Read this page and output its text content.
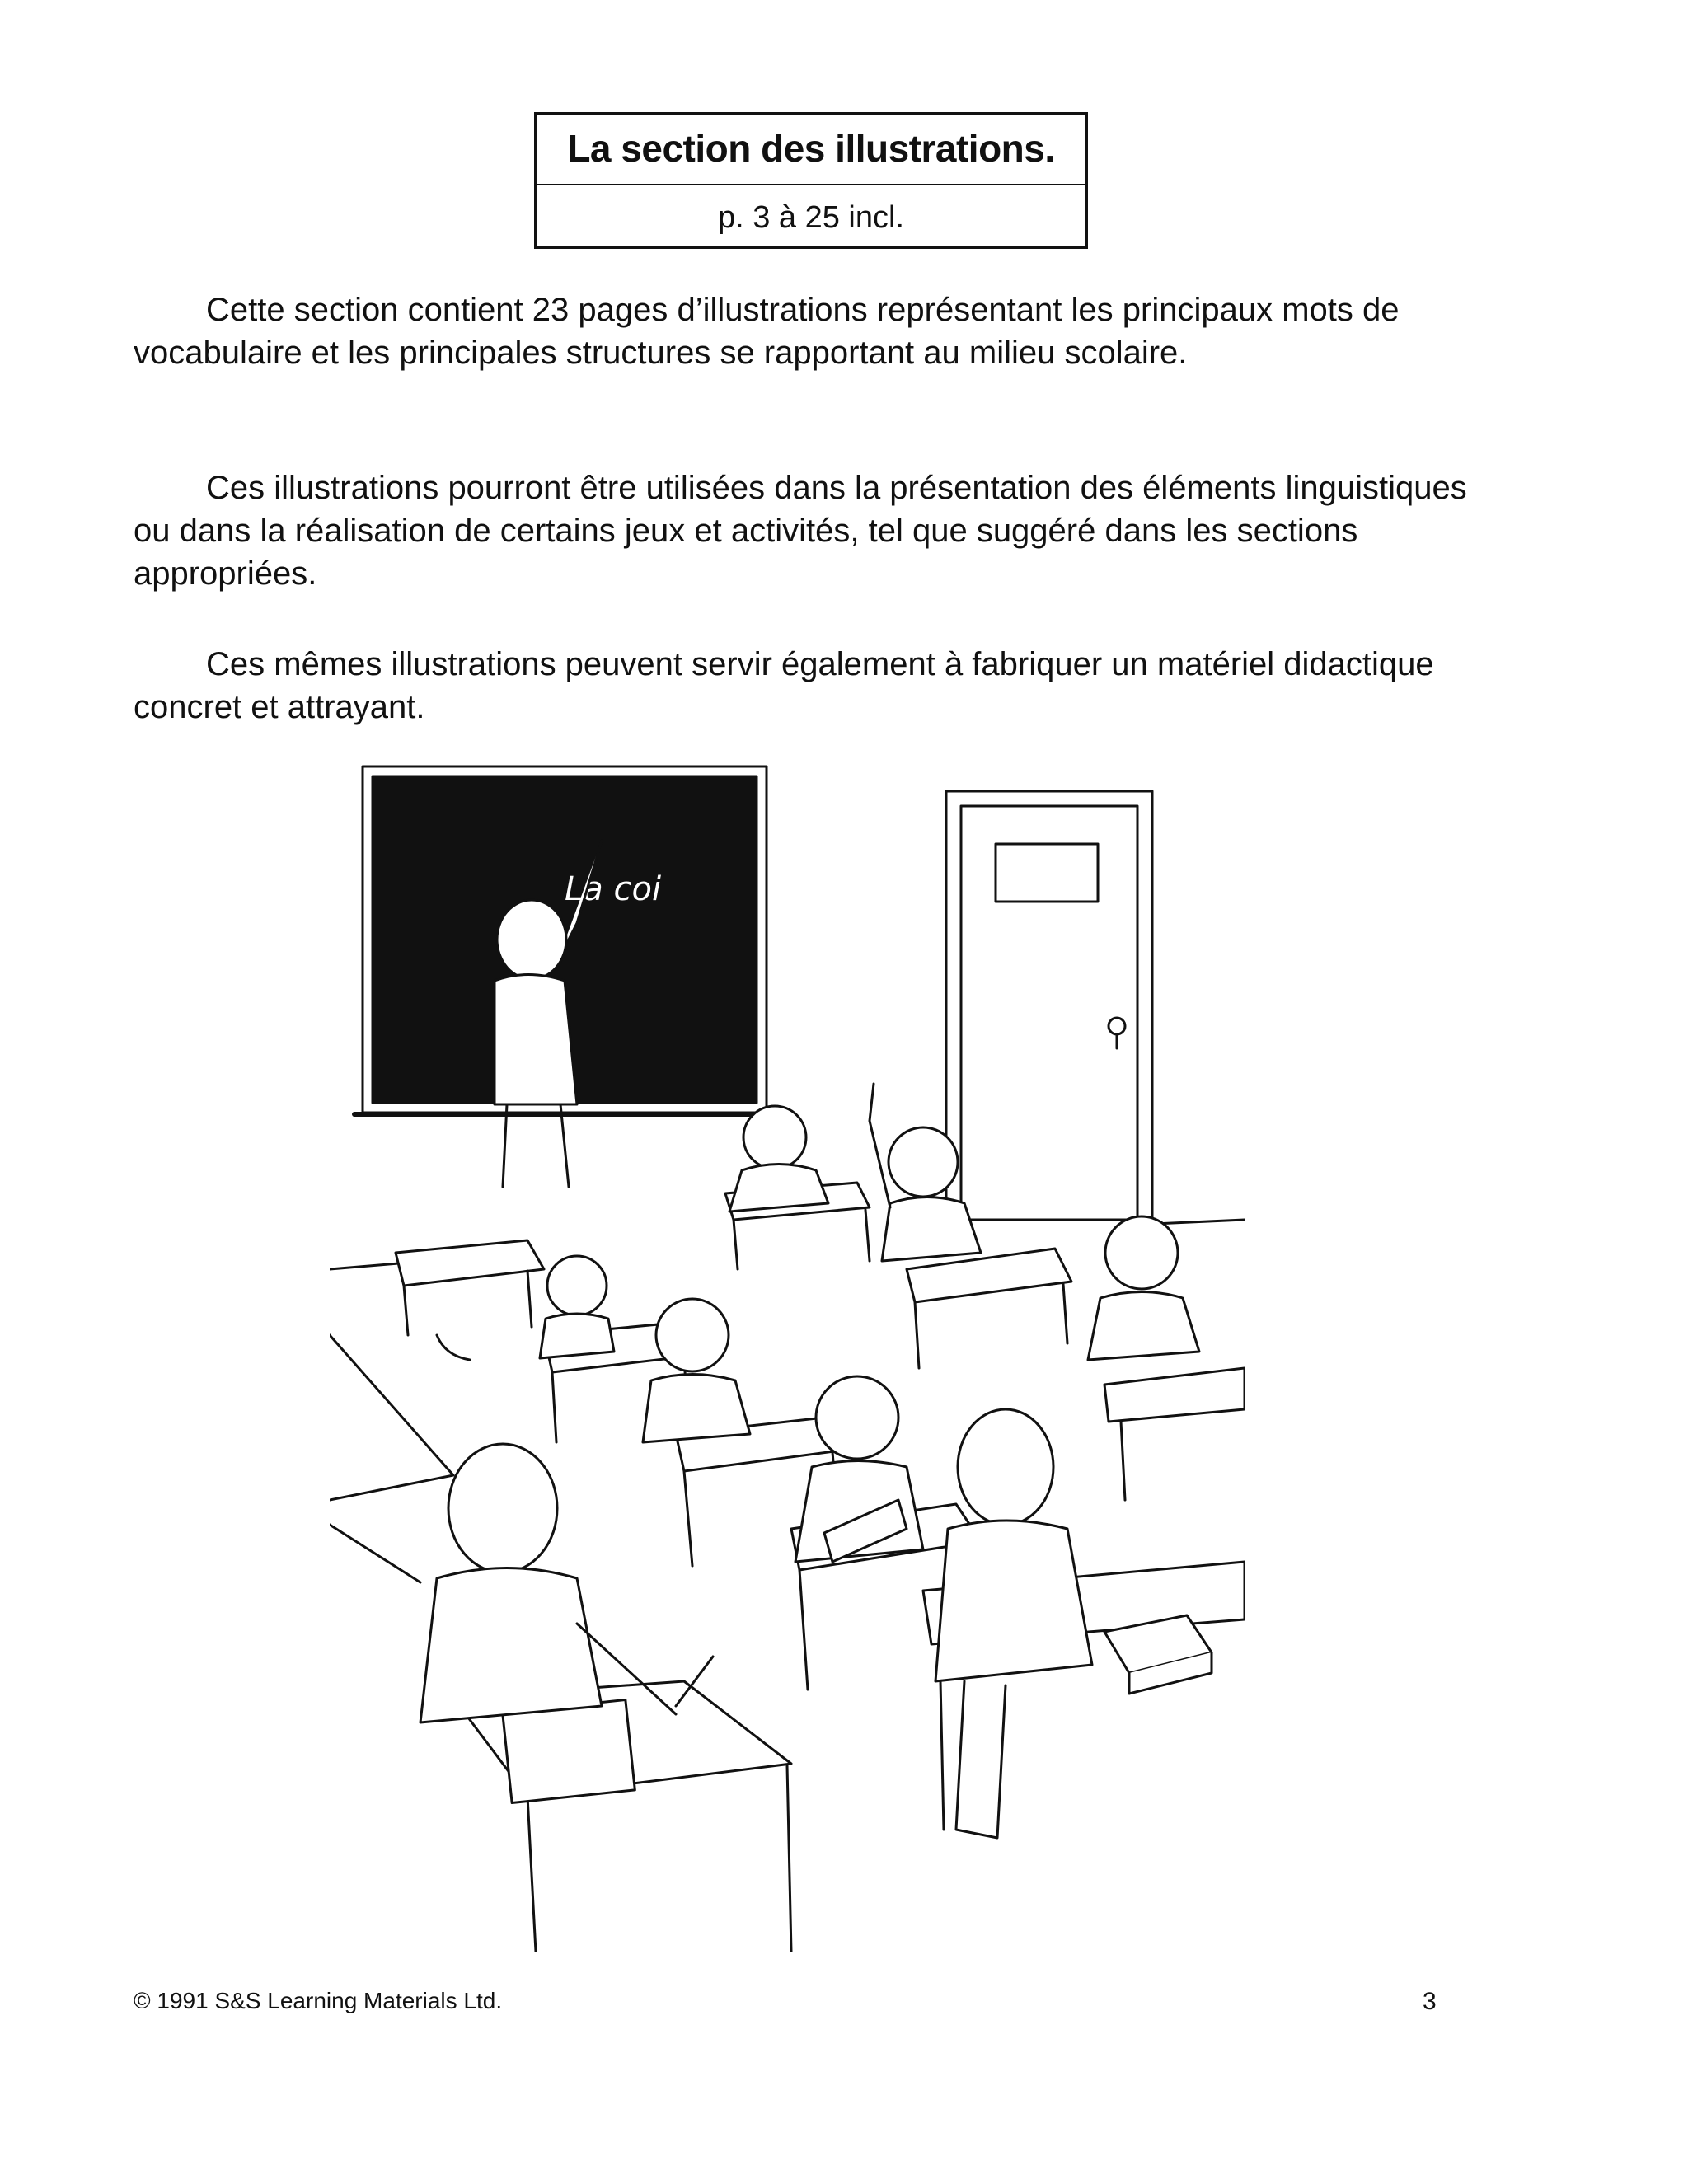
La section des illustrations.
p. 3 à 25 incl.

Cette section contient 23 pages d’illustrations représentant les principaux mots de vocabulaire et les principales structures se rapportant au milieu scolaire.

Ces illustrations pourront être utilisées dans la présentation des éléments linguistiques ou dans la réalisation de certains jeux et activités, tel que suggéré dans les sections appropriées.

Ces mêmes illustrations peuvent servir également à fabriquer un matériel didactique concret et attrayant.

La coi
© 1991 S&S Learning Materials Ltd.	3
